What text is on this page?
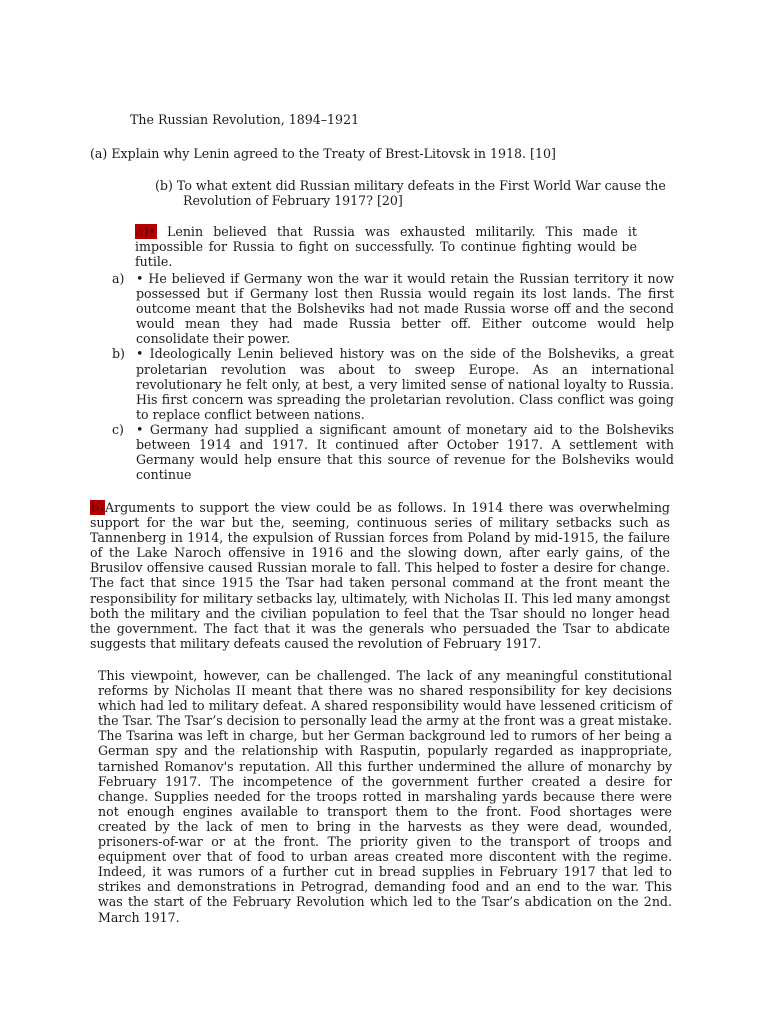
The Russian Revolution, 1894–1921
(a) Explain why Lenin agreed to the Treaty of Brest-Litovsk in 1918. [10]
(b) To what extent did Russian military defeats in the First World War cause the
Revolution of February 1917? [20]
a)• Lenin believed that Russia was exhausted militarily. This made it impossible for Russia to fight on successfully. To continue fighting would be futile.
a) • He believed if Germany won the war it would retain the Russian territory it now possessed but if Germany lost then Russia would regain its lost lands. The first outcome meant that the Bolsheviks had not made Russia worse off and the second would mean they had made Russia better off. Either outcome would help consolidate their power.
b) • Ideologically Lenin believed history was on the side of the Bolsheviks, a great proletarian revolution was about to sweep Europe. As an international revolutionary he felt only, at best, a very limited sense of national loyalty to Russia. His first concern was spreading the proletarian revolution. Class conflict was going to replace conflict between nations.
c) • Germany had supplied a significant amount of monetary aid to the Bolsheviks between 1914 and 1917. It continued after October 1917. A settlement with Germany would help ensure that this source of revenue for the Bolsheviks would continue
b)Arguments to support the view could be as follows. In 1914 there was overwhelming support for the war but the, seeming, continuous series of military setbacks such as Tannenberg in 1914, the expulsion of Russian forces from Poland by mid-1915, the failure of the Lake Naroch offensive in 1916 and the slowing down, after early gains, of the Brusilov offensive caused Russian morale to fall. This helped to foster a desire for change. The fact that since 1915 the Tsar had taken personal command at the front meant the responsibility for military setbacks lay, ultimately, with Nicholas II. This led many amongst both the military and the civilian population to feel that the Tsar should no longer head the government. The fact that it was the generals who persuaded the Tsar to abdicate suggests that military defeats caused the revolution of February 1917.
This viewpoint, however, can be challenged. The lack of any meaningful constitutional reforms by Nicholas II meant that there was no shared responsibility for key decisions which had led to military defeat. A shared responsibility would have lessened criticism of the Tsar. The Tsar’s decision to personally lead the army at the front was a great mistake. The Tsarina was left in charge, but her German background led to rumors of her being a German spy and the relationship with Rasputin, popularly regarded as inappropriate, tarnished Romanov's reputation. All this further undermined the allure of monarchy by February 1917. The incompetence of the government further created a desire for change. Supplies needed for the troops rotted in marshaling yards because there were not enough engines available to transport them to the front. Food shortages were created by the lack of men to bring in the harvests as they were dead, wounded, prisoners-of-war or at the front. The priority given to the transport of troops and equipment over that of food to urban areas created more discontent with the regime. Indeed, it was rumors of a further cut in bread supplies in February 1917 that led to strikes and demonstrations in Petrograd, demanding food and an end to the war. This was the start of the February Revolution which led to the Tsar’s abdication on the 2nd. March 1917.
